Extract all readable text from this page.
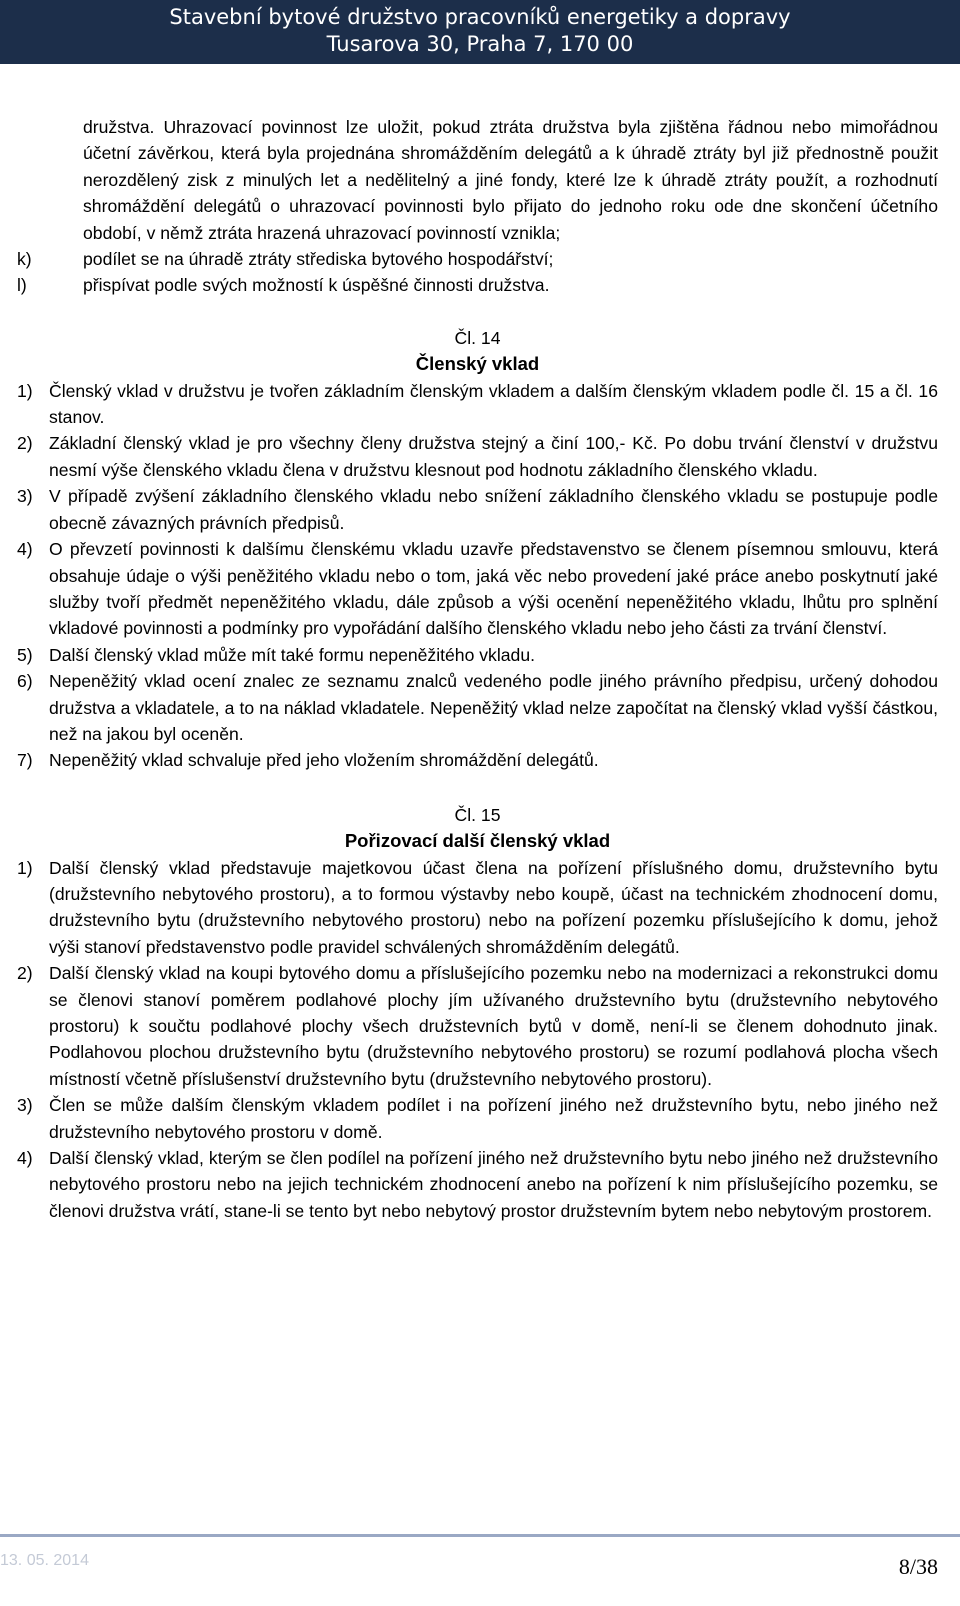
Stavební bytové družstvo pracovníků energetiky a dopravy
Tusarova 30, Praha 7, 170 00
družstva. Uhrazovací povinnost lze uložit, pokud ztráta družstva byla zjištěna řádnou nebo mimořádnou účetní závěrkou, která byla projednána shromážděním delegátů a k úhradě ztráty byl již přednostně použit nerozdělený zisk z minulých let a nedělitelný a jiné fondy, které lze k úhradě ztráty použít, a rozhodnutí shromáždění delegátů o uhrazovací povinnosti bylo přijato do jednoho roku ode dne skončení účetního období, v němž ztráta hrazená uhrazovací povinností vznikla;
k)	podílet se na úhradě ztráty střediska bytového hospodářství;
l)	přispívat podle svých možností k úspěšné činnosti družstva.
Čl. 14
Členský vklad
1) Členský vklad v družstvu je tvořen základním členským vkladem a dalším členským vkladem podle čl. 15 a čl. 16 stanov.
2) Základní členský vklad je pro všechny členy družstva stejný a činí 100,- Kč. Po dobu trvání členství v družstvu nesmí výše členského vkladu člena v družstvu klesnout pod hodnotu základního členského vkladu.
3) V případě zvýšení základního členského vkladu nebo snížení základního členského vkladu se postupuje podle obecně závazných právních předpisů.
4) O převzetí povinnosti k dalšímu členskému vkladu uzavře představenstvo se členem písemnou smlouvu, která obsahuje údaje o výši peněžitého vkladu nebo o tom, jaká věc nebo provedení jaké práce anebo poskytnutí jaké služby tvoří předmět nepeněžitého vkladu, dále způsob a výši ocenění nepeněžitého vkladu, lhůtu pro splnění vkladové povinnosti a podmínky pro vypořádání dalšího členského vkladu nebo jeho části za trvání členství.
5) Další členský vklad může mít také formu nepeněžitého vkladu.
6) Nepeněžitý vklad ocení znalec ze seznamu znalců vedeného podle jiného právního předpisu, určený dohodou družstva a vkladatele, a to na náklad vkladatele. Nepeněžitý vklad nelze započítat na členský vklad vyšší částkou, než na jakou byl oceněn.
7) Nepeněžitý vklad schvaluje před jeho vložením shromáždění delegátů.
Čl. 15
Pořizovací další členský vklad
1) Další členský vklad představuje majetkovou účast člena na pořízení příslušného domu, družstevního bytu (družstevního nebytového prostoru), a to formou výstavby nebo koupě, účast na technickém zhodnocení domu, družstevního bytu (družstevního nebytového prostoru) nebo na pořízení pozemku příslušejícího k domu, jehož výši stanoví představenstvo podle pravidel schválených shromážděním delegátů.
2) Další členský vklad na koupi bytového domu a příslušejícího pozemku nebo na modernizaci a rekonstrukci domu se členovi stanoví poměrem podlahové plochy jím užívaného družstevního bytu (družstevního nebytového prostoru) k součtu podlahové plochy všech družstevních bytů v domě, není-li se členem dohodnuto jinak. Podlahovou plochou družstevního bytu (družstevního nebytového prostoru) se rozumí podlahová plocha všech místností včetně příslušenství družstevního bytu (družstevního nebytového prostoru).
3) Člen se může dalším členským vkladem podílet i na pořízení jiného než družstevního bytu, nebo jiného než družstevního nebytového prostoru v domě.
4) Další členský vklad, kterým se člen podílel na pořízení jiného než družstevního bytu nebo jiného než družstevního nebytového prostoru nebo na jejich technickém zhodnocení anebo na pořízení k nim příslušejícího pozemku, se členovi družstva vrátí, stane-li se tento byt nebo nebytový prostor družstevním bytem nebo nebytovým prostorem.
13. 05. 2014	8/38
